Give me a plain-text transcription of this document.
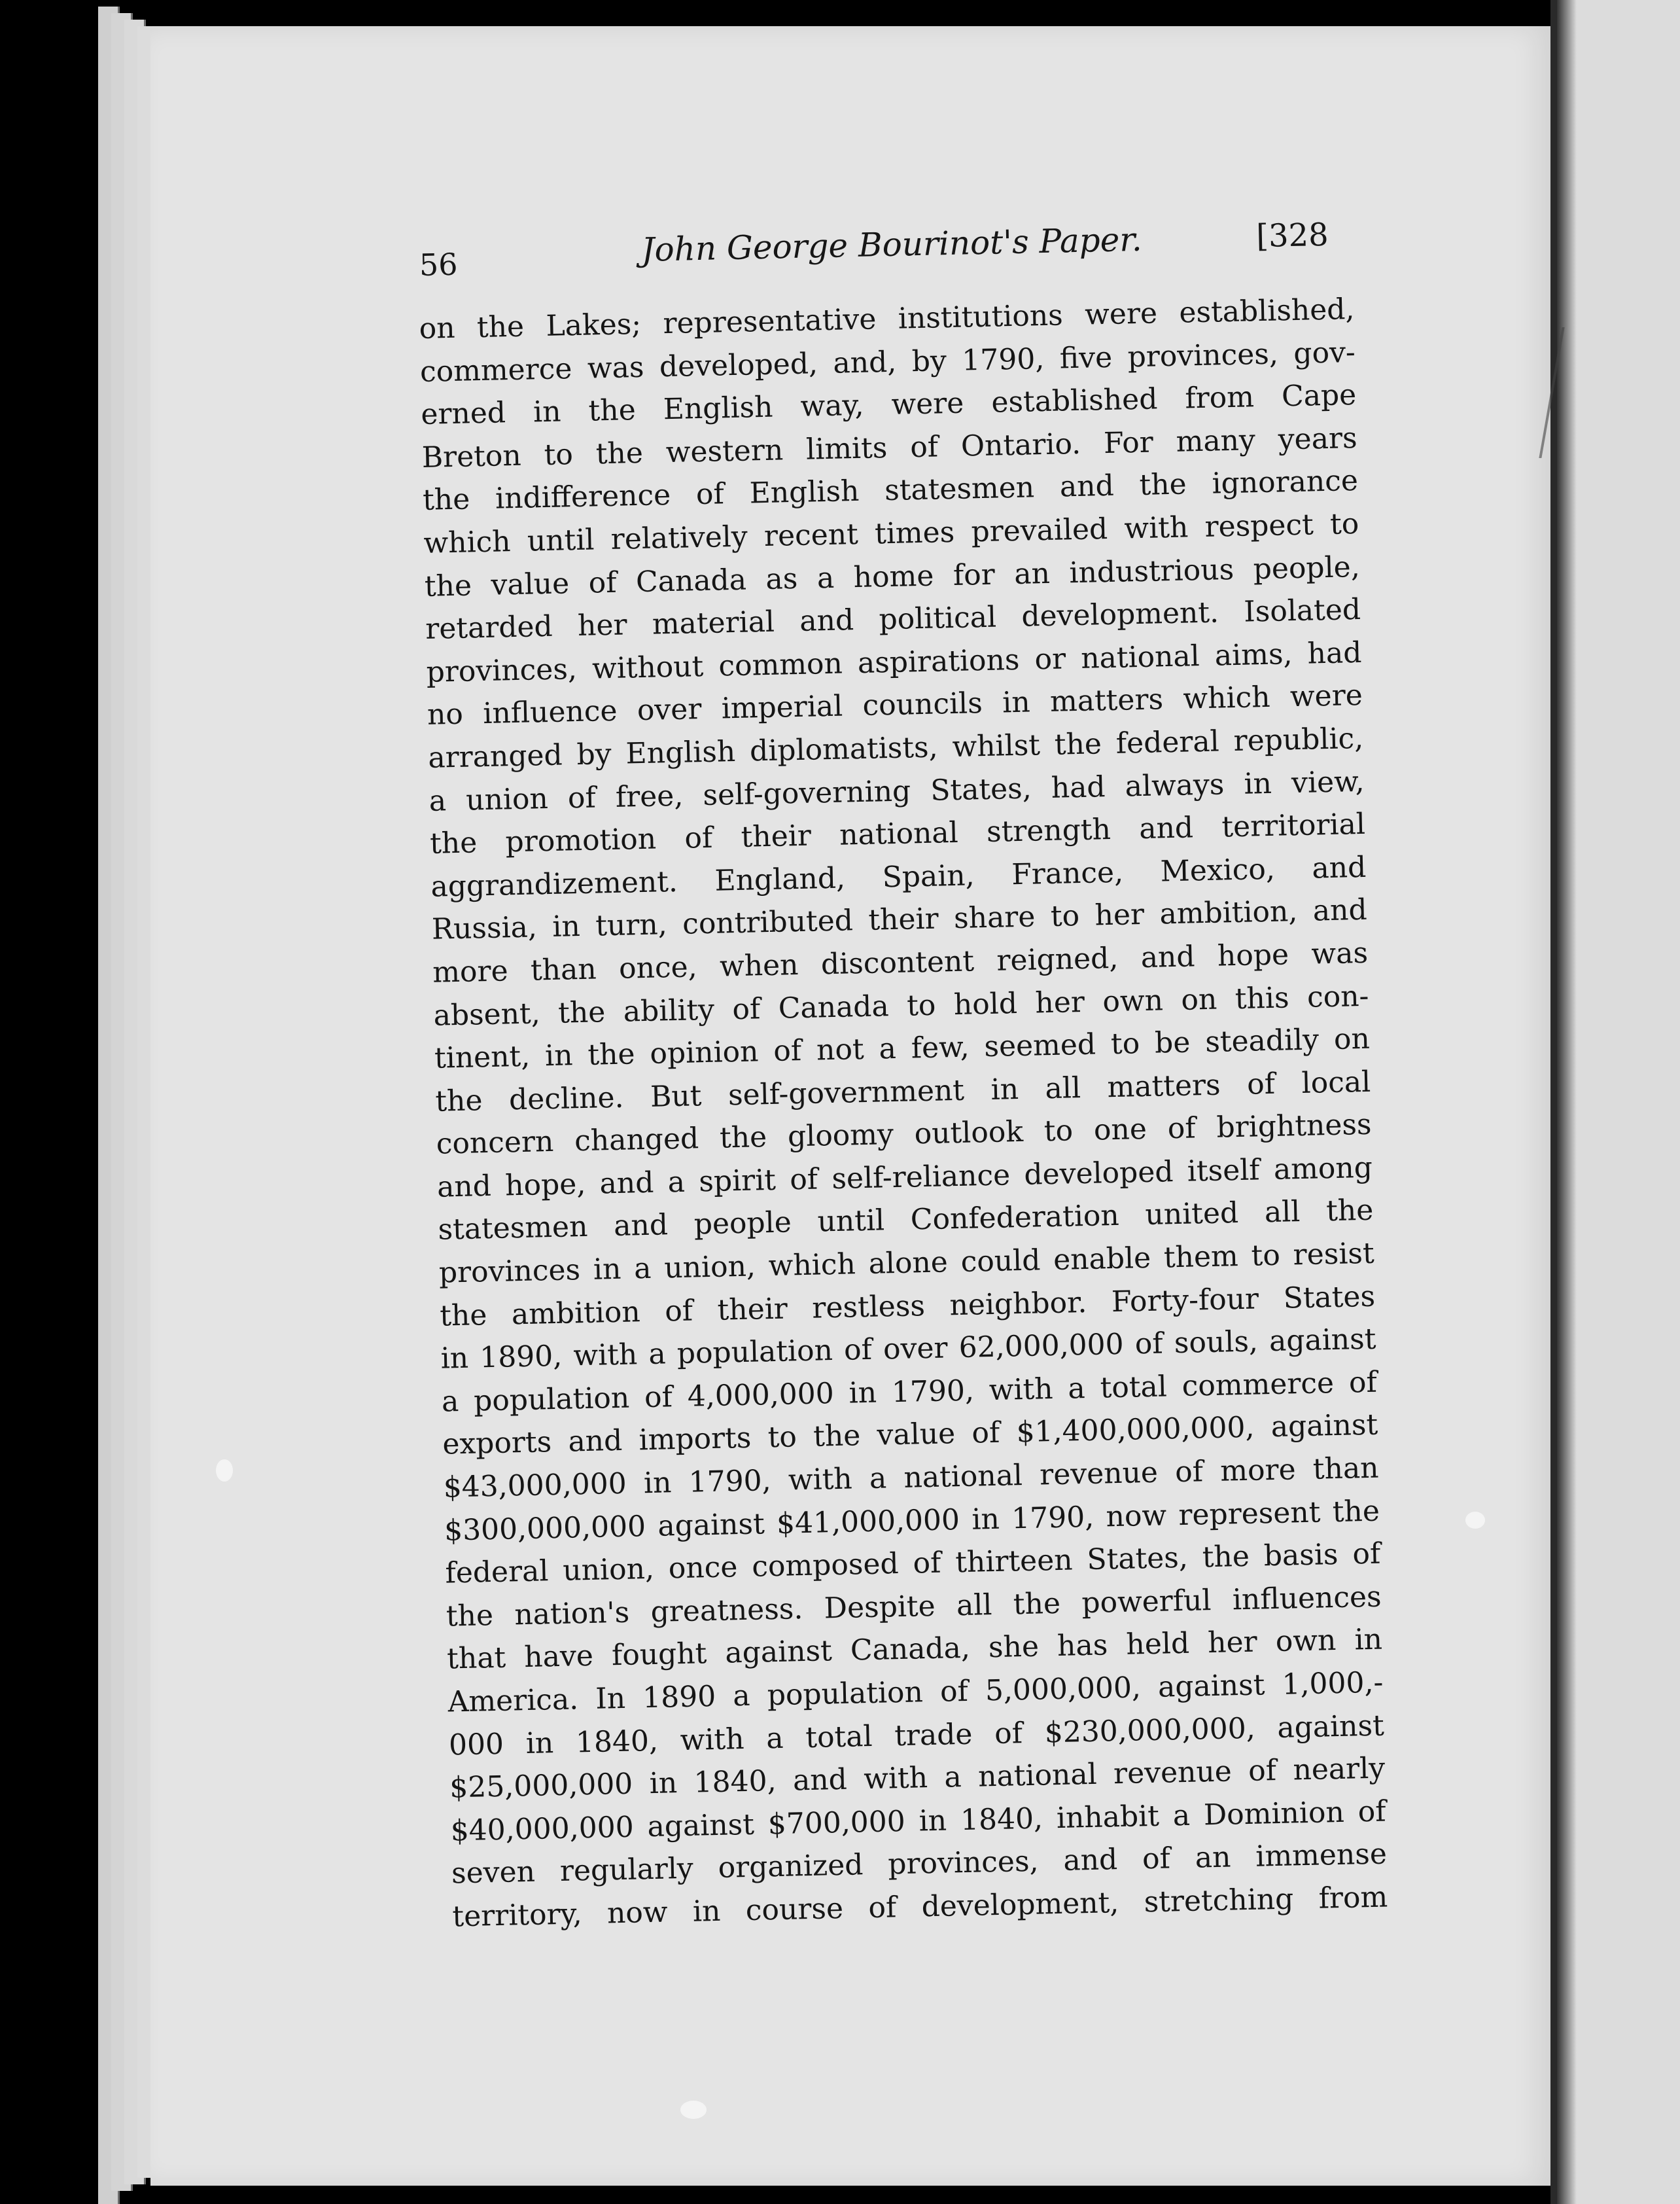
56	John George Bourinot's Paper.	[328
on the Lakes; representative institutions were established,
commerce was developed, and, by 1790, five provinces, gov-
erned in the English way, were established from Cape
Breton to the western limits of Ontario. For many years
the indifference of English statesmen and the ignorance
which until relatively recent times prevailed with respect to
the value of Canada as a home for an industrious people,
retarded her material and political development. Isolated
provinces, without common aspirations or national aims, had
no influence over imperial councils in matters which were
arranged by English diplomatists, whilst the federal republic,
a union of free, self-governing States, had always in view,
the promotion of their national strength and territorial
aggrandizement. England, Spain, France, Mexico, and
Russia, in turn, contributed their share to her ambition, and
more than once, when discontent reigned, and hope was
absent, the ability of Canada to hold her own on this con-
tinent, in the opinion of not a few, seemed to be steadily on
the decline. But self-government in all matters of local
concern changed the gloomy outlook to one of brightness
and hope, and a spirit of self-reliance developed itself among
statesmen and people until Confederation united all the
provinces in a union, which alone could enable them to resist
the ambition of their restless neighbor. Forty-four States
in 1890, with a population of over 62,000,000 of souls, against
a population of 4,000,000 in 1790, with a total commerce of
exports and imports to the value of $1,400,000,000, against
$43,000,000 in 1790, with a national revenue of more than
$300,000,000 against $41,000,000 in 1790, now represent the
federal union, once composed of thirteen States, the basis of
the nation's greatness. Despite all the powerful influences
that have fought against Canada, she has held her own in
America. In 1890 a population of 5,000,000, against 1,000,-
000 in 1840, with a total trade of $230,000,000, against
$25,000,000 in 1840, and with a national revenue of nearly
$40,000,000 against $700,000 in 1840, inhabit a Dominion of
seven regularly organized provinces, and of an immense
territory, now in course of development, stretching from
